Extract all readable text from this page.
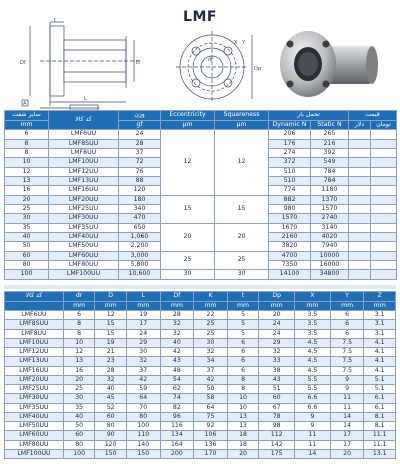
LMF
L
t
D
Df
A
dr
X Y
Dp
سایز شفت	کد کالا	وزن	Eccentricity	Squareness	تحمل بار		قیمت	
mm		gf	μm	μm	Dynamic N	Static N	دلار	تومان
6	LMF6UU	24	12	12	206	265		
8	LMF8SUU	28			176	216		
8	LMF8UU	37			274	392		
10	LMF10UU	72			372	549		
12	LMF12UU	76			510	784		
13	LMF13UU	88			510	784		
16	LMF16UU	120			774	1180		
20	LMF20UU	180	15	15	882	1370		
25	LMF25UU	340			980	1570		
30	LMF30UU	470			1570	2740		
35	LMF35UU	650	20	20	1670	3140		
40	LMF40UU	1,060			2160	4020		
50	LMF50UU	2,200			3820	7940		
60	LMF60UU	3,000	25	25	4700	10000		
80	LMF80UU	5,800			7350	16000		
100	LMF100UU	10,600	30	30	14100	34800		
کد کالا	dr	D	L	Df	K	t	Dp	X	Y	Z
	mm	mm	mm	mm	mm	mm	mm	mm	mm	mm
LMF6UU	6	12	19	28	22	5	20	3.5	6	3.1
LMF8SUU	8	15	17	32	25	5	24	3.5	6	3.1
LMF8UU	8	15	24	32	25	5	24	3.5	6	3.1
LMF10UU	10	19	29	40	30	6	29	4.5	7.5	4.1
LMF12UU	12	21	30	42	32	6	32	4.5	7.5	4.1
LMF13UU	13	23	32	43	34	6	33	4.5	7.5	4.1
LMF16UU	16	28	37	48	37	6	38	4.5	7.5	4.1
LMF20UU	20	32	42	54	42	8	43	5.5	9	5.1
LMF25UU	25	40	59	62	50	8	51	5.5	9	5.1
LMF30UU	30	45	64	74	58	10	60	6.6	11	6.1
LMF35UU	35	52	70	82	64	10	67	6.6	11	6.1
LMF40UU	40	60	80	96	75	13	78	9	14	8.1
LMF50UU	50	80	100	116	92	13	98	9	14	8.1
LMF60UU	60	90	110	134	106	18	112	11	17	11.1
LMF80UU	80	120	140	164	136	18	142	11	17	11.1
LMF100UU	100	150	150	200	170	20	175	14	20	13.1
